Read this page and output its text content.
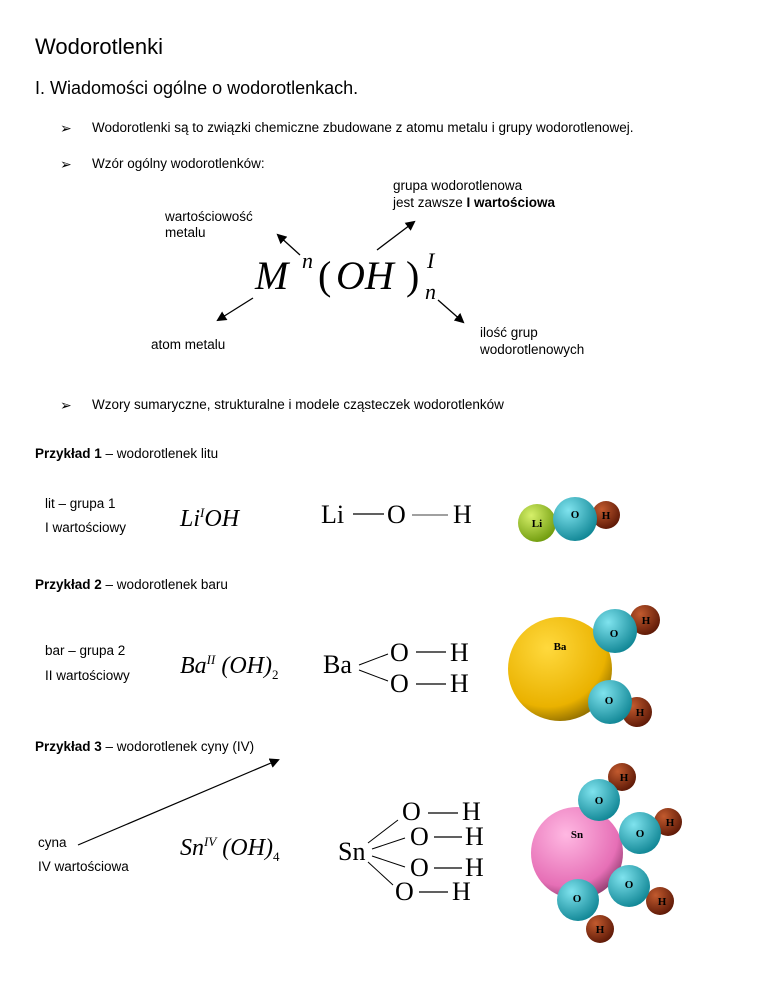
Wodorotlenki
I. Wiadomości ogólne o wodorotlenkach.
➢ Wodorotlenki są to związki chemiczne zbudowane z atomu metalu i grupy wodorotlenowej.
➢ Wzór ogólny wodorotlenków:
grupa wodorotlenowa
jest zawsze I wartościowa
wartościowość
metalu
M n ( OH ) I
n
atom metalu
ilość grup
wodorotlenowych
➢ Wzory sumaryczne, strukturalne i modele cząsteczek wodorotlenków
Przykład 1 – wodorotlenek litu
lit – grupa 1
I wartościowy $Li^IOH$	Li O H
Przykład 2 – wodorotlenek baru
bar – grupa 2
II wartościowy $Ba^{II}$ $(OH)_2$ Ba O H
O H
Przykład 3 – wodorotlenek cyny (IV)
cyna
IV wartościowa
$Sn^{IV}$ $(OH)_4$ Sn
O H
O H
O H
O H
Li
O H
Ba
O
H
O
H
Sn
O
H
O
H
O
H
O
H
